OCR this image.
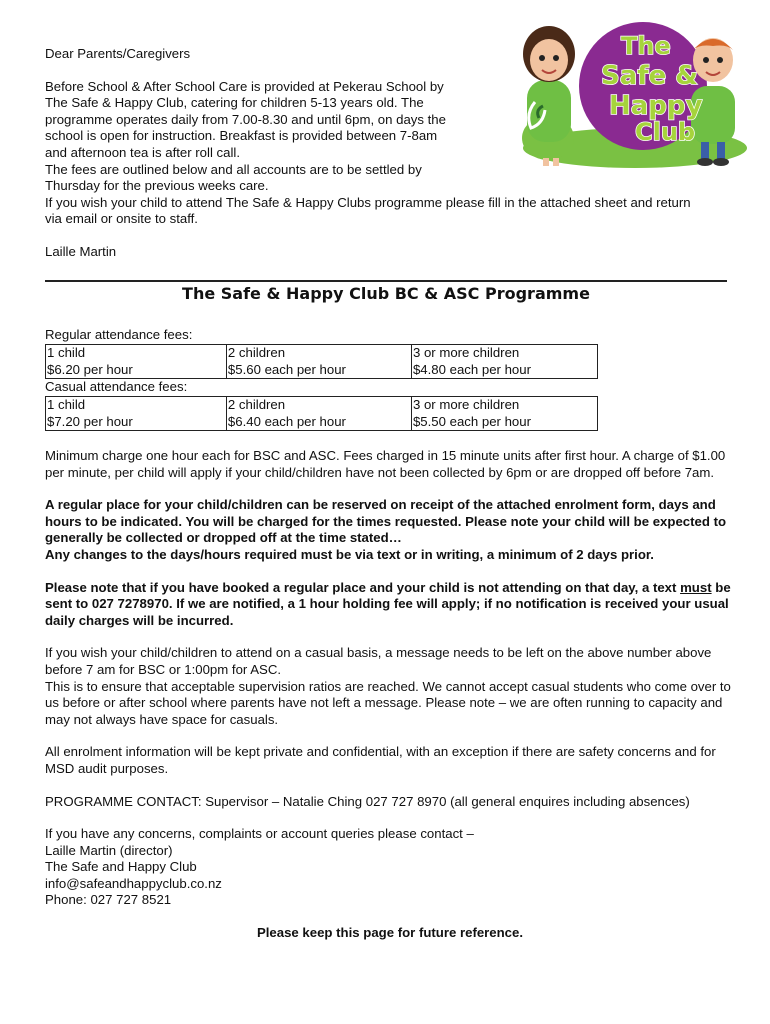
Dear Parents/Caregivers

Before School & After School Care is provided at Pekerau School by

The Safe & Happy Club, catering for children 5-13 years old. The

programme operates daily from 7.00-8.30 and until 6pm, on days the

school is open for instruction. Breakfast is provided between 7-8am

and afternoon tea is after roll call.

The fees are outlined below and all accounts are to be settled by

Thursday for the previous weeks care.

If you wish your child to attend The Safe & Happy Clubs programme please fill in the attached sheet and return

via email or onsite to staff.

Laille Martin

The
Safe &
Happy
Club
The Safe & Happy Club BC & ASC Programme
Regular attendance fees:
1 child	2 children	3 or more children
$6.20 per hour	$5.60 each per hour	$4.80 each per hour
Casual attendance fees:
1 child	2 children	3 or more children
$7.20 per hour	$6.40 each per hour	$5.50 each per hour

Minimum charge one hour each for BSC and ASC. Fees charged in 15 minute units after first hour. A charge of $1.00 per minute, per child will apply if your child/children have not been collected by 6pm or are dropped off before 7am.

A regular place for your child/children can be reserved on receipt of the attached enrolment form, days and hours to be indicated. You will be charged for the times requested. Please note your child will be expected to generally be collected or dropped off at the time stated…

Any changes to the days/hours required must be via text or in writing, a minimum of 2 days prior.

Please note that if you have booked a regular place and your child is not attending on that day, a text must be sent to 027 7278970. If we are notified, a 1 hour holding fee will apply; if no notification is received your usual daily charges will be incurred.

If you wish your child/children to attend on a casual basis, a message needs to be left on the above number above before 7 am for BSC or 1:00pm for ASC.

This is to ensure that acceptable supervision ratios are reached. We cannot accept casual students who come over to us before or after school where parents have not left a message. Please note – we are often running to capacity and may not always have space for casuals.

All enrolment information will be kept private and confidential, with an exception if there are safety concerns and for MSD audit purposes.

PROGRAMME CONTACT: Supervisor – Natalie Ching 027 727 8970 (all general enquires including absences)

If you have any concerns, complaints or account queries please contact –

Laille Martin (director)

The Safe and Happy Club

info@safeandhappyclub.co.nz

Phone: 027 727 8521

Please keep this page for future reference.
